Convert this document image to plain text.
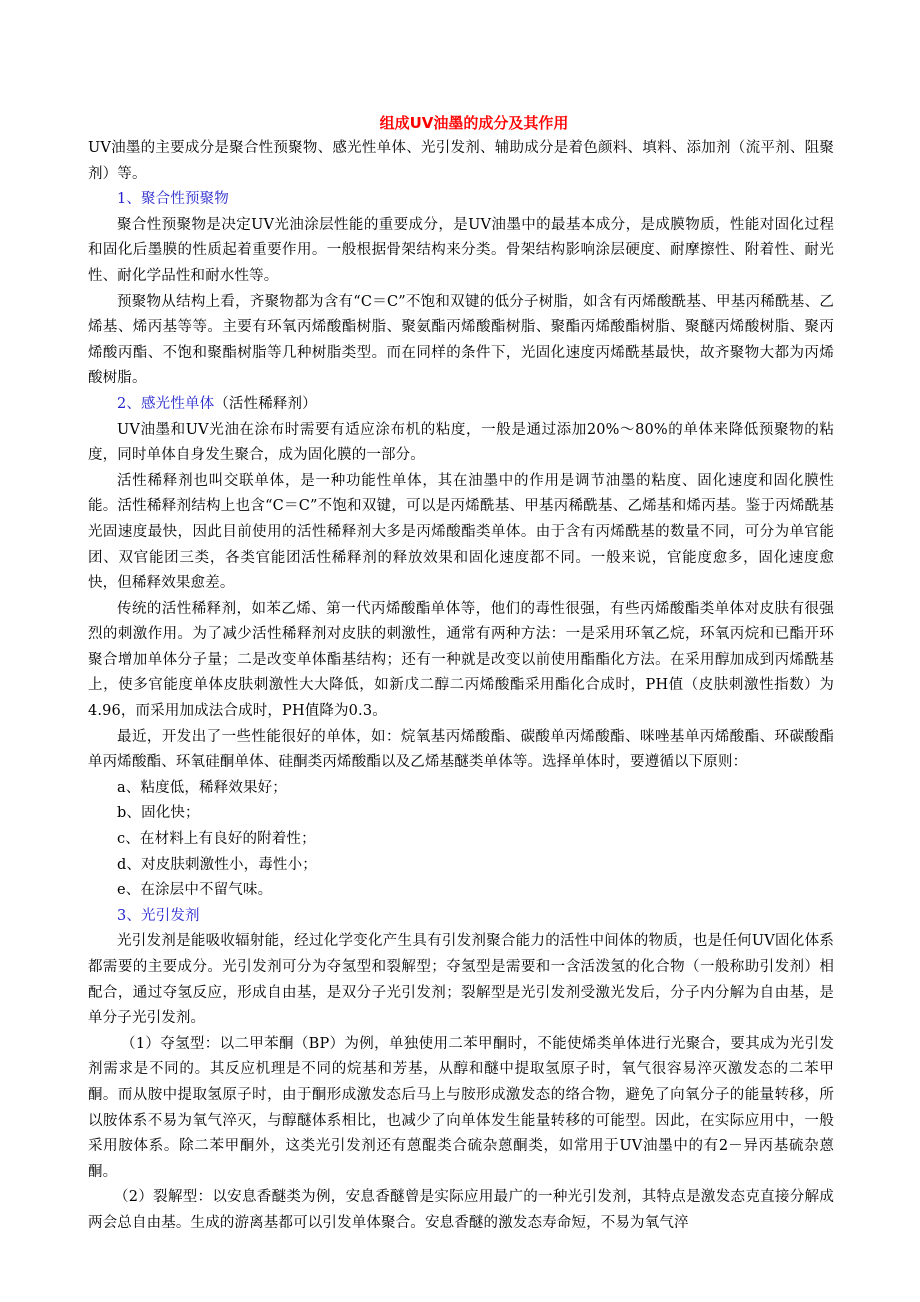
组成UV油墨的成分及其作用

UV油墨的主要成分是聚合性预聚物、感光性单体、光引发剂、辅助成分是着色颜料、填料、添加剂（流平剂、阻聚剂）等。

1、聚合性预聚物

聚合性预聚物是决定UV光油涂层性能的重要成分，是UV油墨中的最基本成分，是成膜物质，性能对固化过程和固化后墨膜的性质起着重要作用。一般根据骨架结构来分类。骨架结构影响涂层硬度、耐摩擦性、附着性、耐光性、耐化学品性和耐水性等。

预聚物从结构上看，齐聚物都为含有“C＝C”不饱和双键的低分子树脂，如含有丙烯酸酰基、甲基丙稀酰基、乙烯基、烯丙基等等。主要有环氧丙烯酸酯树脂、聚氨酯丙烯酸酯树脂、聚酯丙烯酸酯树脂、聚醚丙烯酸树脂、聚丙烯酸丙酯、不饱和聚酯树脂等几种树脂类型。而在同样的条件下，光固化速度丙烯酰基最快，故齐聚物大都为丙烯酸树脂。

2、感光性单体（活性稀释剂）

UV油墨和UV光油在涂布时需要有适应涂布机的粘度，一般是通过添加20%～80%的单体来降低预聚物的粘度，同时单体自身发生聚合，成为固化膜的一部分。

活性稀释剂也叫交联单体，是一种功能性单体，其在油墨中的作用是调节油墨的粘度、固化速度和固化膜性能。活性稀释剂结构上也含“C＝C”不饱和双键，可以是丙烯酰基、甲基丙稀酰基、乙烯基和烯丙基。鉴于丙烯酰基光固速度最快，因此目前使用的活性稀释剂大多是丙烯酸酯类单体。由于含有丙烯酰基的数量不同，可分为单官能团、双官能团三类，各类官能团活性稀释剂的释放效果和固化速度都不同。一般来说，官能度愈多，固化速度愈快，但稀释效果愈差。

传统的活性稀释剂，如苯乙烯、第一代丙烯酸酯单体等，他们的毒性很强，有些丙烯酸酯类单体对皮肤有很强烈的刺激作用。为了减少活性稀释剂对皮肤的刺激性，通常有两种方法：一是采用环氧乙烷，环氧丙烷和已酯开环聚合增加单体分子量；二是改变单体酯基结构；还有一种就是改变以前使用酯酯化方法。在采用醇加成到丙烯酰基上，使多官能度单体皮肤刺激性大大降低，如新戊二醇二丙烯酸酯采用酯化合成时，PH值（皮肤刺激性指数）为4.96，而采用加成法合成时，PH值降为0.3。

最近，开发出了一些性能很好的单体，如：烷氧基丙烯酸酯、碳酸单丙烯酸酯、咪唑基单丙烯酸酯、环碳酸酯单丙烯酸酯、环氧硅酮单体、硅酮类丙烯酸酯以及乙烯基醚类单体等。选择单体时，要遵循以下原则：

a、粘度低，稀释效果好；

b、固化快；

c、在材料上有良好的附着性；

d、对皮肤刺激性小，毒性小；

e、在涂层中不留气味。

3、光引发剂

光引发剂是能吸收辐射能，经过化学变化产生具有引发剂聚合能力的活性中间体的物质，也是任何UV固化体系都需要的主要成分。光引发剂可分为夺氢型和裂解型；夺氢型是需要和一含活泼氢的化合物（一般称助引发剂）相配合，通过夺氢反应，形成自由基，是双分子光引发剂；裂解型是光引发剂受激光发后，分子内分解为自由基，是单分子光引发剂。

（1）夺氢型：以二甲苯酮（BP）为例，单独使用二苯甲酮时，不能使烯类单体进行光聚合，要其成为光引发剂需求是不同的。其反应机理是不同的烷基和芳基，从醇和醚中提取氢原子时，氧气很容易淬灭激发态的二苯甲酮。而从胺中提取氢原子时，由于酮形成激发态后马上与胺形成激发态的络合物，避免了向氧分子的能量转移，所以胺体系不易为氧气淬灭，与醇醚体系相比，也减少了向单体发生能量转移的可能型。因此，在实际应用中，一般采用胺体系。除二苯甲酮外，这类光引发剂还有蒽醌类合硫杂蒽酮类，如常用于UV油墨中的有2－异丙基硫杂蒽酮。

（2）裂解型：以安息香醚类为例，安息香醚曾是实际应用最广的一种光引发剂，其特点是激发态克直接分解成两会总自由基。生成的游离基都可以引发单体聚合。安息香醚的激发态寿命短，不易为氧气淬
